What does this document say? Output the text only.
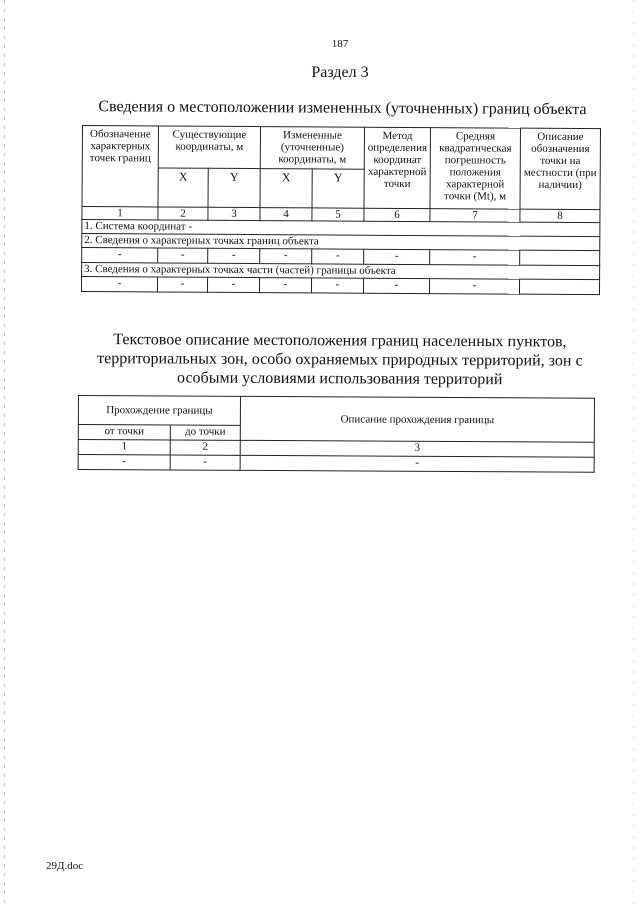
187
Раздел 3
Сведения о местоположении измененных (уточненных) границ объекта
Обозначение характерных точек границ	Существующие координаты, м		Измененные (уточненные) координаты, м		Метод определения координат характерной точки	Средняя квадратическая погрешность положения характерной точки (Mt), м	Описание обозначения точки на местности (при наличии)
	X	Y	X	Y			
1	2	3	4	5	6	7	8
1. Система координат -							
2. Сведения о характерных точках границ объекта							
-	-	-	-	-	-	-	
3. Сведения о характерных точках части (частей) границы объекта							
-	-	-	-	-	-	-	
Текстовое описание местоположения границ населенных пунктов, территориальных зон, особо охраняемых природных территорий, зон с особыми условиями использования территорий
Прохождение границы		Описание прохождения границы
от точки	до точки	
1	2	3
-	-	-
29Д.doc
